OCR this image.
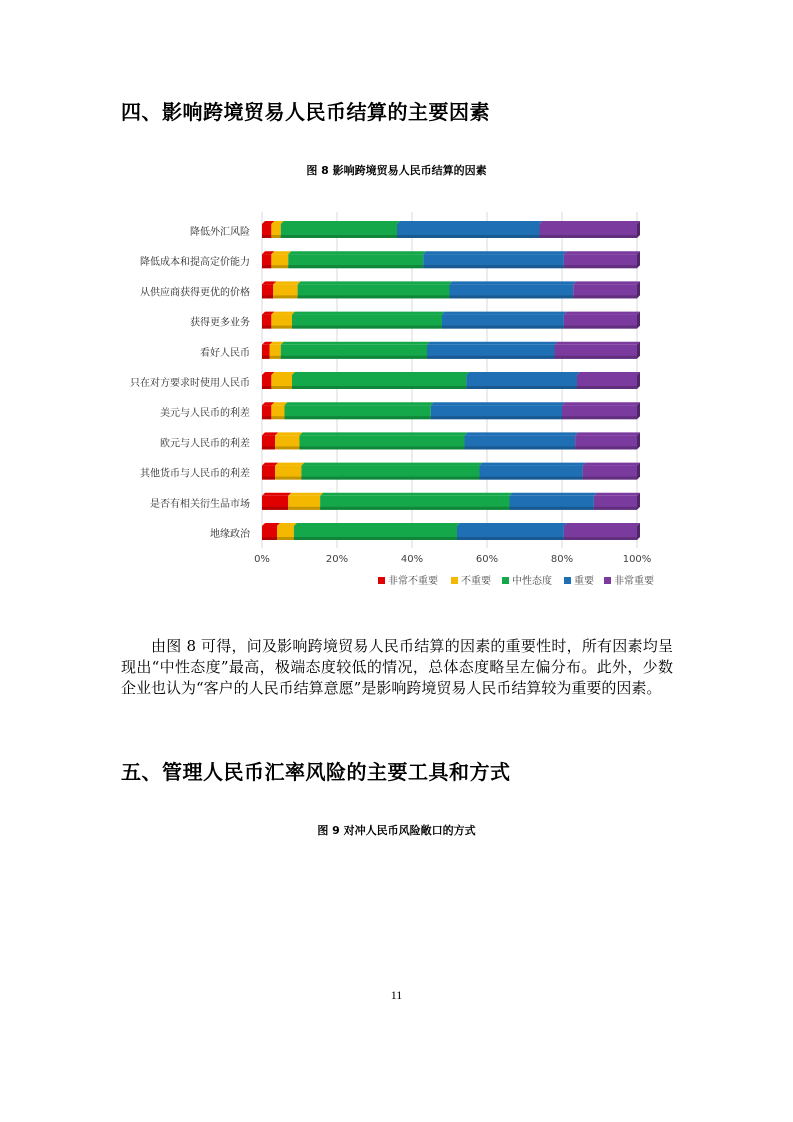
四、影响跨境贸易人民币结算的主要因素
图 8 影响跨境贸易人民币结算的因素
降低外汇风险
降低成本和提高定价能力
从供应商获得更优的价格
获得更多业务
看好人民币
只在对方要求时使用人民币
美元与人民币的利差
欧元与人民币的利差
其他货币与人民币的利差
是否有相关衍生品市场
地缘政治
0%	20%	40%	60%	80%	100%
非常不重要 不重要 中性态度 重要 非常重要

由图 8 可得，问及影响跨境贸易人民币结算的因素的重要性时，所有因素均呈现出“中性态度”最高，极端态度较低的情况，总体态度略呈左偏分布。此外，少数企业也认为“客户的人民币结算意愿”是影响跨境贸易人民币结算较为重要的因素。

五、管理人民币汇率风险的主要工具和方式
图 9 对冲人民币风险敞口的方式
11
